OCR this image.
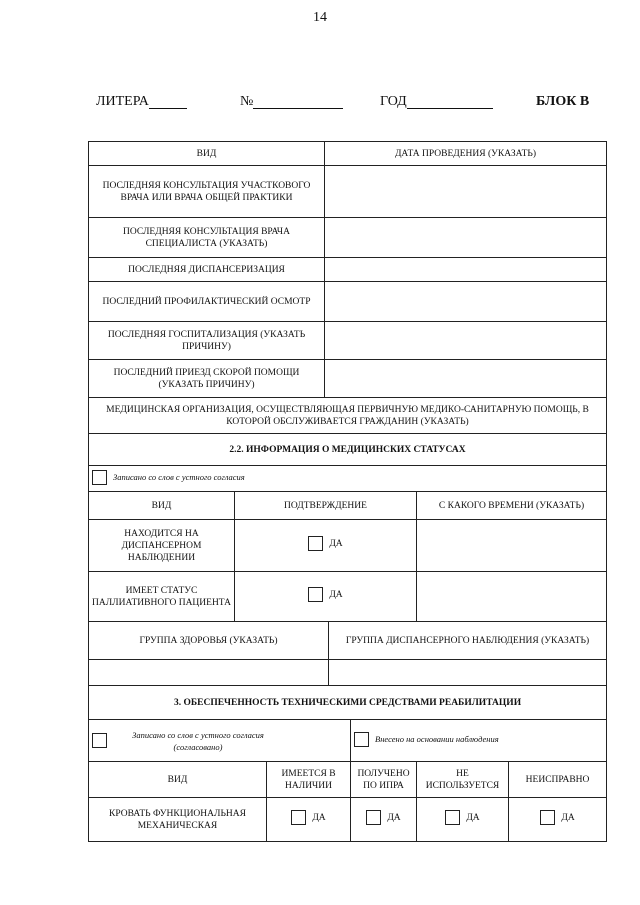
14
ЛИТЕРА	№	ГОД	БЛОК В
ВИД	ДАТА ПРОВЕДЕНИЯ (УКАЗАТЬ)
ПОСЛЕДНЯЯ КОНСУЛЬТАЦИЯ УЧАСТКОВОГО ВРАЧА ИЛИ ВРАЧА ОБЩЕЙ ПРАКТИКИ	
ПОСЛЕДНЯЯ КОНСУЛЬТАЦИЯ ВРАЧА СПЕЦИАЛИСТА (УКАЗАТЬ)	
ПОСЛЕДНЯЯ ДИСПАНСЕРИЗАЦИЯ	
ПОСЛЕДНИЙ ПРОФИЛАКТИЧЕСКИЙ ОСМОТР	
ПОСЛЕДНЯЯ ГОСПИТАЛИЗАЦИЯ (УКАЗАТЬ ПРИЧИНУ)	
ПОСЛЕДНИЙ ПРИЕЗД СКОРОЙ ПОМОЩИ (УКАЗАТЬ ПРИЧИНУ)	
МЕДИЦИНСКАЯ ОРГАНИЗАЦИЯ, ОСУЩЕСТВЛЯЮЩАЯ ПЕРВИЧНУЮ МЕДИКО-САНИТАРНУЮ ПОМОЩЬ, В КОТОРОЙ ОБСЛУЖИВАЕТСЯ ГРАЖДАНИН (УКАЗАТЬ)	
2.2. ИНФОРМАЦИЯ О МЕДИЦИНСКИХ СТАТУСАХ			

Записано со слов с устного согласия			

ВИД	ПОДТВЕРЖДЕНИЕ		С КАКОГО ВРЕМЕНИ (УКАЗАТЬ)
НАХОДИТСЯ НА ДИСПАНСЕРНОМ НАБЛЮДЕНИИ	ДА		

ИМЕЕТ СТАТУС ПАЛЛИАТИВНОГО ПАЦИЕНТА	ДА		

ГРУППА ЗДОРОВЬЯ (УКАЗАТЬ)		ГРУППА ДИСПАНСЕРНОГО НАБЛЮДЕНИЯ (УКАЗАТЬ)	

3. ОБЕСПЕЧЕННОСТЬ ТЕХНИЧЕСКИМИ СРЕДСТВАМИ РЕАБИЛИТАЦИИ				

Записано со слов с устного согласия (согласовано)		Внесено на основании наблюдения		

ВИД	ИМЕЕТСЯ В НАЛИЧИИ	ПОЛУЧЕНО ПО ИПРА	НЕ ИСПОЛЬЗУЕТСЯ	НЕИСПРАВНО
КРОВАТЬ ФУНКЦИОНАЛЬНАЯ МЕХАНИЧЕСКАЯ	ДА	ДА	ДА	ДА
